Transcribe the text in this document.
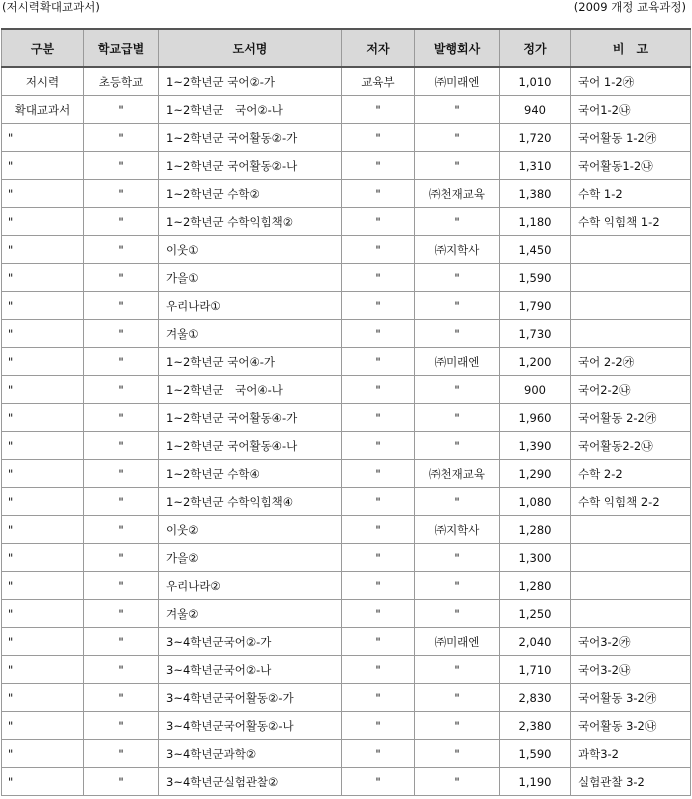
(저시력확대교과서)	(2009 개정 교육과정)
구분	학교급별	도서명	저자	발행회사	정가	비　고
저시력	초등학교	1~2학년군 국어②-가	교육부	㈜미래엔	1,010	국어 1-2㉮
확대교과서	"	1~2학년군　국어②-나	"	"	940	국어1-2㉯
"	"	1~2학년군 국어활동②-가	"	"	1,720	국어활동 1-2㉮
"	"	1~2학년군 국어활동②-나	"	"	1,310	국어활동1-2㉯
"	"	1~2학년군 수학②	"	㈜천재교육	1,380	수학 1-2
"	"	1~2학년군 수학익힘책②	"	"	1,180	수학 익힘책 1-2
"	"	이웃①	"	㈜지학사	1,450	
"	"	가을①	"	"	1,590	
"	"	우리나라①	"	"	1,790	
"	"	겨울①	"	"	1,730	
"	"	1~2학년군 국어④-가	"	㈜미래엔	1,200	국어 2-2㉮
"	"	1~2학년군　국어④-나	"	"	900	국어2-2㉯
"	"	1~2학년군 국어활동④-가	"	"	1,960	국어활동 2-2㉮
"	"	1~2학년군 국어활동④-나	"	"	1,390	국어활동2-2㉯
"	"	1~2학년군 수학④	"	㈜천재교육	1,290	수학 2-2
"	"	1~2학년군 수학익힘책④	"	"	1,080	수학 익힘책 2-2
"	"	이웃②	"	㈜지학사	1,280	
"	"	가을②	"	"	1,300	
"	"	우리나라②	"	"	1,280	
"	"	겨울②	"	"	1,250	
"	"	3~4학년군국어②-가	"	㈜미래엔	2,040	국어3-2㉮
"	"	3~4학년군국어②-나	"	"	1,710	국어3-2㉯
"	"	3~4학년군국어활동②-가	"	"	2,830	국어활동 3-2㉮
"	"	3~4학년군국어활동②-나	"	"	2,380	국어활동 3-2㉯
"	"	3~4학년군과학②	"	"	1,590	과학3-2
"	"	3~4학년군실험관찰②	"	"	1,190	실험관찰 3-2
